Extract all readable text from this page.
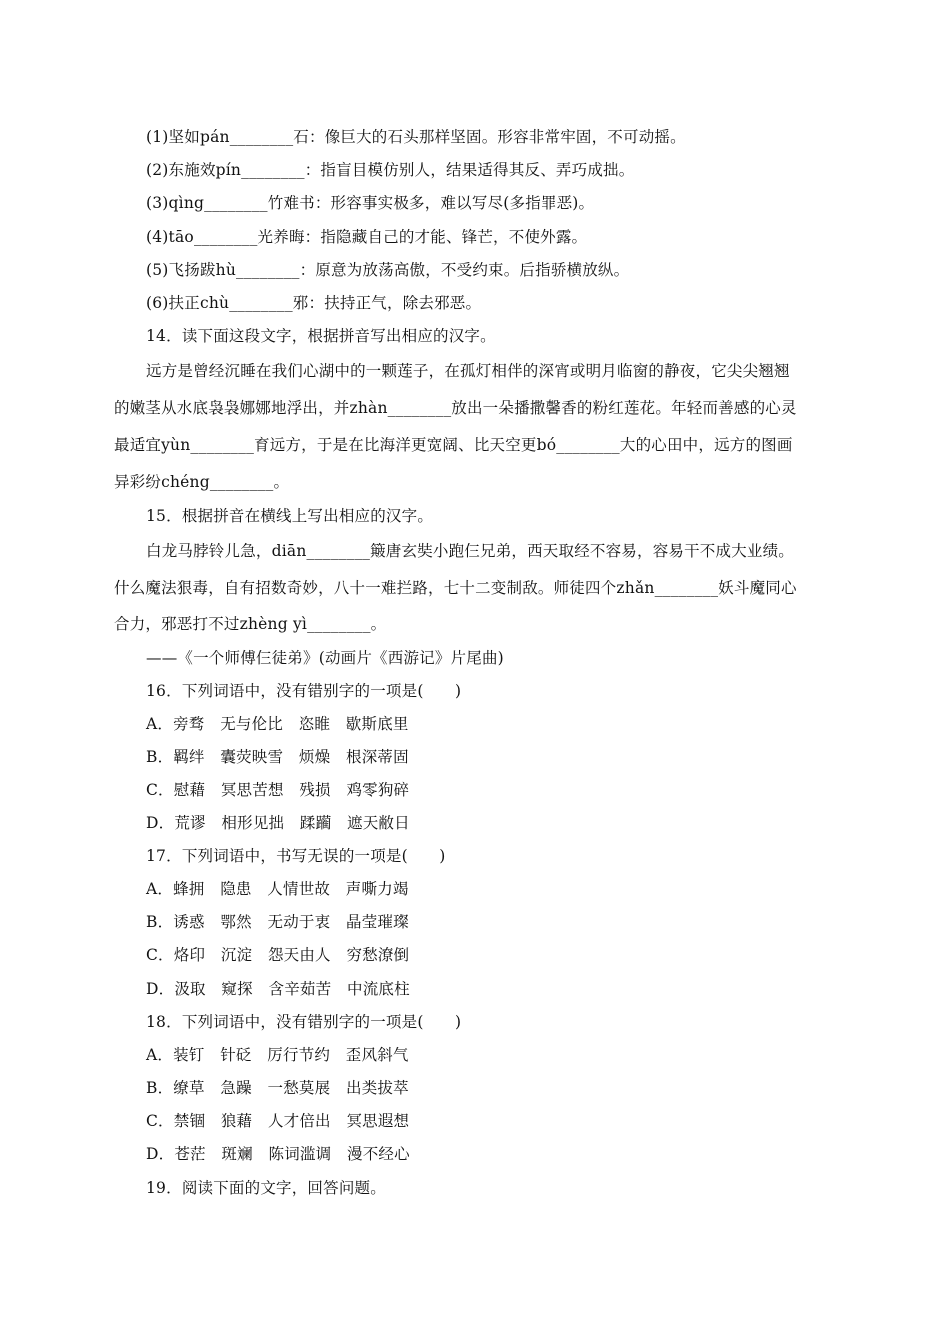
(1)坚如pán________石：像巨大的石头那样坚固。形容非常牢固，不可动摇。
(2)东施效pín________：指盲目模仿别人，结果适得其反、弄巧成拙。
(3)qìng________竹难书：形容事实极多，难以写尽(多指罪恶)。
(4)tāo________光养晦：指隐藏自己的才能、锋芒，不使外露。
(5)飞扬跋hù________：原意为放荡高傲，不受约束。后指骄横放纵。
(6)扶正chù________邪：扶持正气，除去邪恶。
14．读下面这段文字，根据拼音写出相应的汉字。
远方是曾经沉睡在我们心湖中的一颗莲子，在孤灯相伴的深宵或明月临窗的静夜，它尖尖翘翘
的嫩茎从水底袅袅娜娜地浮出，并zhàn________放出一朵播撒馨香的粉红莲花。年轻而善感的心灵
最适宜yùn________育远方，于是在比海洋更宽阔、比天空更bó________大的心田中，远方的图画
异彩纷chéng________。
15．根据拼音在横线上写出相应的汉字。
白龙马脖铃儿急，diān________簸唐玄奘小跑仨兄弟，西天取经不容易，容易干不成大业绩。
什么魔法狠毒，自有招数奇妙，八十一难拦路，七十二变制敌。师徒四个zhǎn________妖斗魔同心
合力，邪恶打不过zhèng yì________。
——《一个师傅仨徒弟》(动画片《西游记》片尾曲)
16．下列词语中，没有错别字的一项是(　　)
A．旁骛　无与伦比　恣睢　歇斯底里
B．羁绊　囊荧映雪　烦燥　根深蒂固
C．慰藉　冥思苦想　残损　鸡零狗碎
D．荒谬　相形见拙　蹂躏　遮天敝日
17．下列词语中，书写无误的一项是(　　)
A．蜂拥　隐患　人情世故　声嘶力竭
B．诱惑　鄂然　无动于衷　晶莹璀璨
C．烙印　沉淀　怨天由人　穷愁潦倒
D．汲取　窥探　含辛茹苦　中流底柱
18．下列词语中，没有错别字的一项是(　　)
A．装钉　针砭　厉行节约　歪风斜气
B．缭草　急躁　一愁莫展　出类拔萃
C．禁锢　狼藉　人才倍出　冥思遐想
D．苍茫　斑斓　陈词滥调　漫不经心
19．阅读下面的文字，回答问题。
